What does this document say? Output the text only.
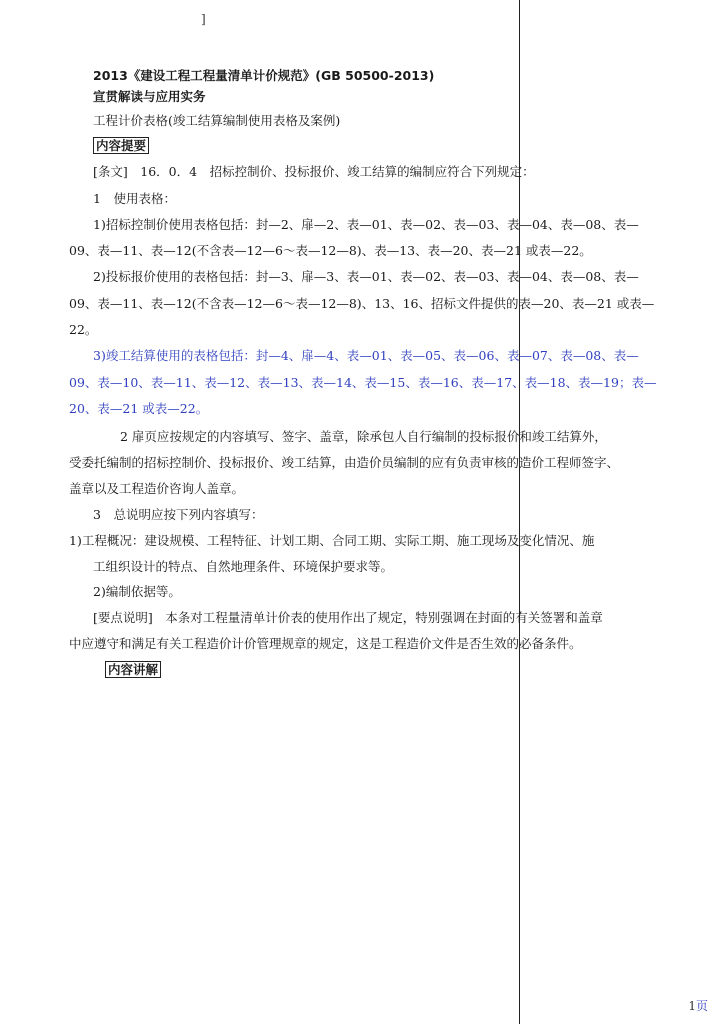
]
2013《建设工程工程量清单计价规范》(GB 50500-2013)
宣贯解读与应用实务
工程计价表格(竣工结算编制使用表格及案例)
内容提要
[条文]　16．0．4　招标控制价、投标报价、竣工结算的编制应符合下列规定：
1　使用表格：
1)招标控制价使用表格包括：封—2、扉—2、表—01、表—02、表—03、表—04、表—08、表—
09、表—11、表—12(不含表—12—6～表—12—8)、表—13、表—20、表—21 或表—22。
2)投标报价使用的表格包括：封—3、扉—3、表—01、表—02、表—03、表—04、表—08、表—
09、表—11、表—12(不含表—12—6～表—12—8)、13、16、招标文件提供的表—20、表—21 或表—
22。
3)竣工结算使用的表格包括：封—4、扉—4、表—01、表—05、表—06、表—07、表—08、表—
09、表—10、表—11、表—12、表—13、表—14、表—15、表—16、表—17、表—18、表—19；表—
20、表—21 或表—22。
2 扉页应按规定的内容填写、签字、盖章，除承包人自行编制的投标报价和竣工结算外，
受委托编制的招标控制价、投标报价、竣工结算，由造价员编制的应有负责审核的造价工程师签字、
盖章以及工程造价咨询人盖章。
3　总说明应按下列内容填写：
1)工程概况：建设规模、工程特征、计划工期、合同工期、实际工期、施工现场及变化情况、施
工组织设计的特点、自然地理条件、环境保护要求等。
2)编制依据等。
[要点说明]　本条对工程量清单计价表的使用作出了规定，特别强调在封面的有关签署和盖章
中应遵守和满足有关工程造价计价管理规章的规定，这是工程造价文件是否生效的必备条件。
内容讲解
1页
